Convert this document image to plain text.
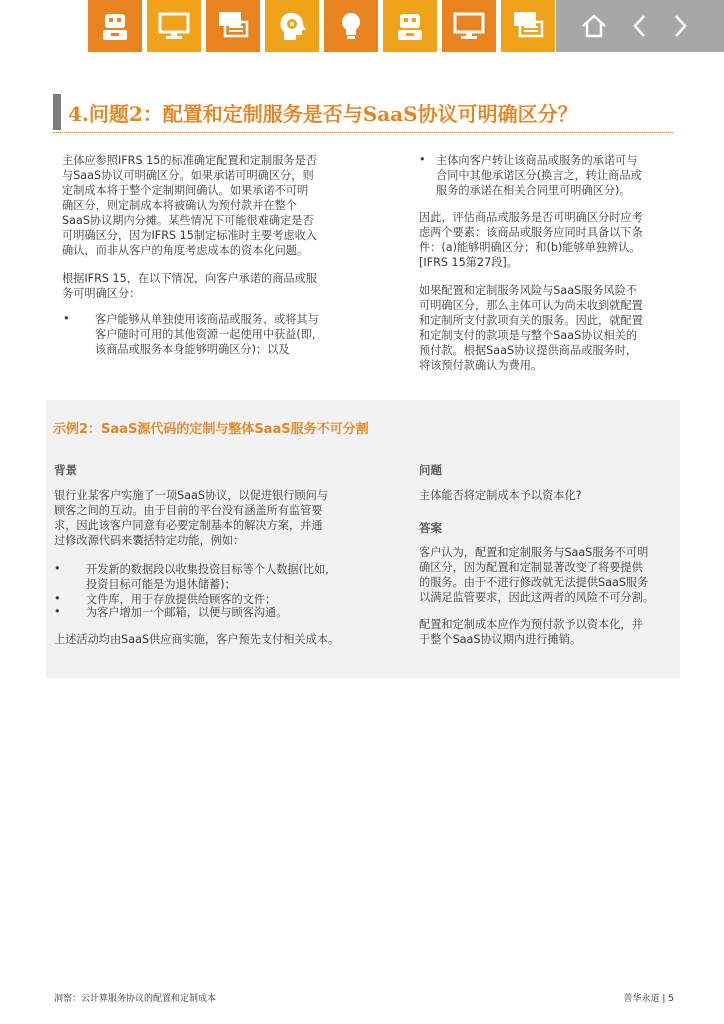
4.问题2：配置和定制服务是否与SaaS协议可明确区分？
主体应参照IFRS 15的标准确定配置和定制服务是否
与SaaS协议可明确区分。如果承诺可明确区分，则
定制成本将于整个定制期间确认。如果承诺不可明
确区分，则定制成本将被确认为预付款并在整个
SaaS协议期内分摊。某些情况下可能很难确定是否
可明确区分，因为IFRS 15制定标准时主要考虑收入
确认，而非从客户的角度考虑成本的资本化问题。
根据IFRS 15，在以下情况，向客户承诺的商品或服
务可明确区分：
• 客户能够从单独使用该商品或服务、或将其与
客户随时可用的其他资源一起使用中获益(即,
该商品或服务本身能够明确区分)；以及
• 主体向客户转让该商品或服务的承诺可与
合同中其他承诺区分(换言之，转让商品或
服务的承诺在相关合同里可明确区分)。
因此，评估商品或服务是否可明确区分时应考
虑两个要素：该商品或服务应同时具备以下条
件：(a)能够明确区分；和(b)能够单独辨认。
[IFRS 15第27段]。
如果配置和定制服务风险与SaaS服务风险不
可明确区分，那么主体可认为尚未收到就配置
和定制所支付款项有关的服务。因此，就配置
和定制支付的款项是与整个SaaS协议相关的
预付款。根据SaaS协议提供商品或服务时，
将该预付款确认为费用。
示例2：SaaS源代码的定制与整体SaaS服务不可分割
背景
银行业某客户实施了一项SaaS协议，以促进银行顾问与
顾客之间的互动。由于目前的平台没有涵盖所有监管要
求，因此该客户同意有必要定制基本的解决方案，并通
过修改源代码来囊括特定功能，例如：
• 开发新的数据段以收集投资目标等个人数据(比如,
投资目标可能是为退休储蓄)；
• 文件库，用于存放提供给顾客的文件；
• 为客户增加一个邮箱，以便与顾客沟通。
上述活动均由SaaS供应商实施，客户预先支付相关成本。
问题
主体能否将定制成本予以资本化?
答案
客户认为，配置和定制服务与SaaS服务不可明
确区分，因为配置和定制显著改变了将要提供
的服务。由于不进行修改就无法提供SaaS服务
以满足监管要求，因此这两者的风险不可分割。
配置和定制成本应作为预付款予以资本化，并
于整个SaaS协议期内进行摊销。
洞察：云计算服务协议的配置和定制成本	普华永道 | 5
